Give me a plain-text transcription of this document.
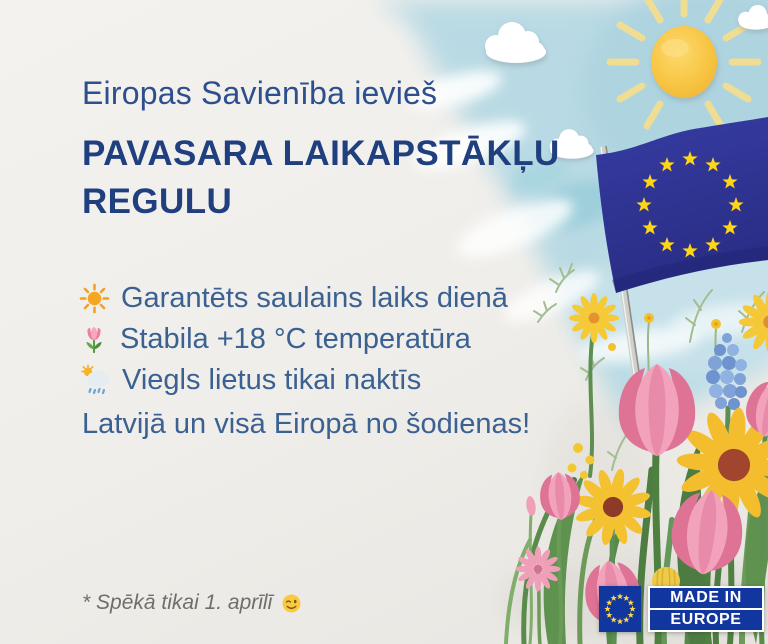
Eiropas Savienība ievieš
PAVASARA LAIKAPSTĀKĻU
REGULU
Garantēts saulains laiks dienā
Stabila +18 °C temperatūra
Viegls lietus tikai naktīs
Latvijā un visā Eiropā no šodienas!
* Spēkā tikai 1. aprīlī	MADE IN
EUROPE
